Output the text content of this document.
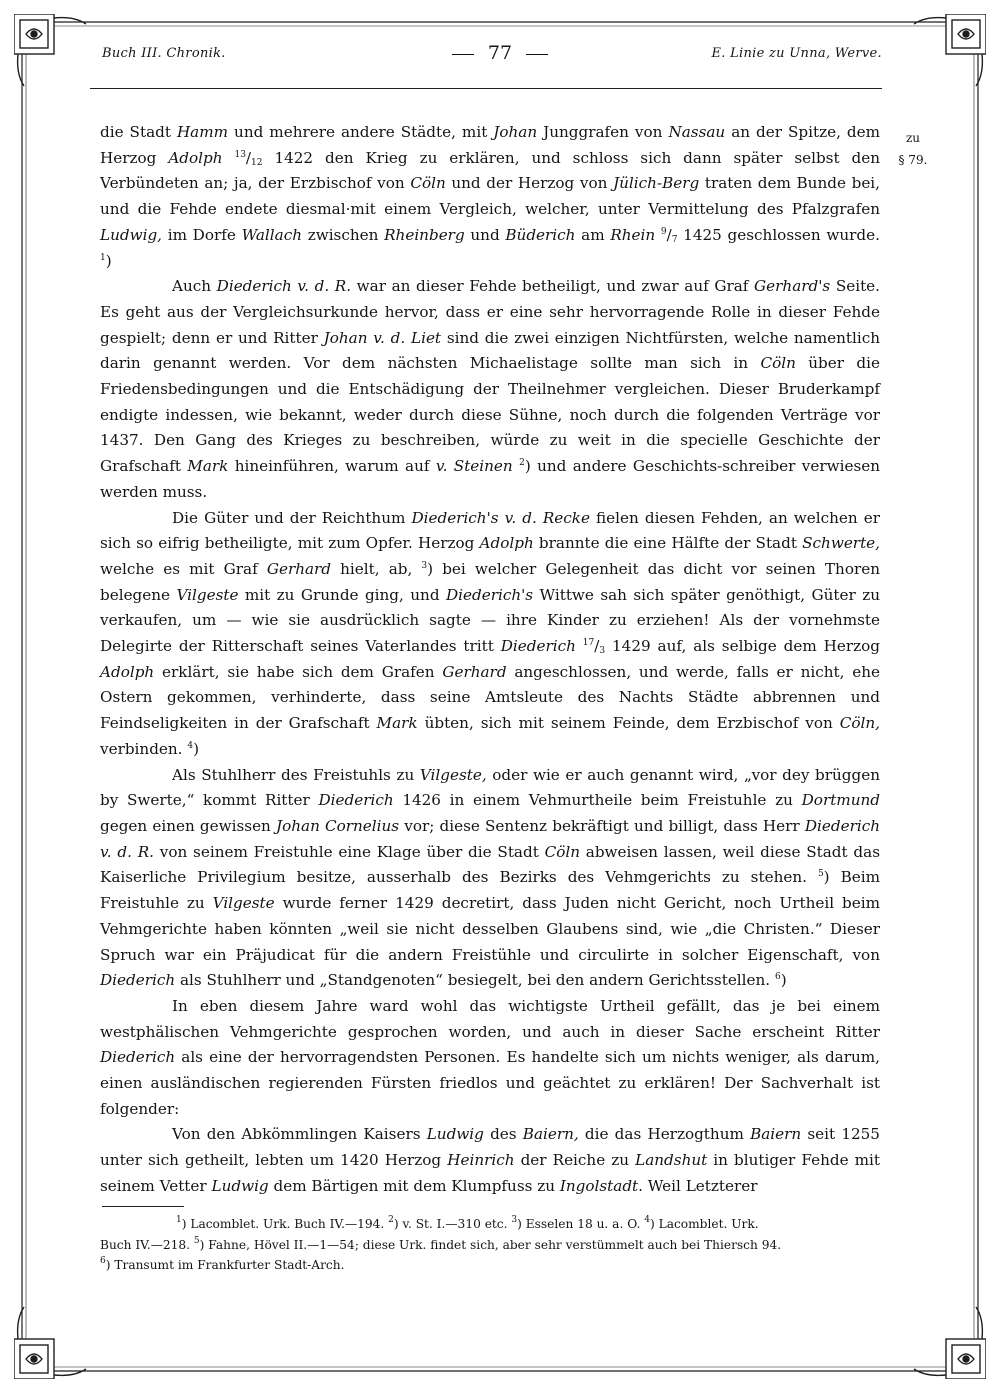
Buch III. Chronik.	77	E. Linie zu Unna, Werve.
zu
§ 79.

die Stadt Hamm und mehrere andere Städte, mit Johan Junggrafen von Nassau an der Spitze, dem Herzog Adolph $^{13}/_{12}$ 1422 den Krieg zu erklären, und schloss sich dann später selbst den Verbündeten an; ja, der Erzbischof von Cöln und der Herzog von Jülich-Berg traten dem Bunde bei, und die Fehde endete diesmal·mit einem Vergleich, welcher, unter Vermittelung des Pfalzgrafen Ludwig, im Dorfe Wallach zwischen Rheinberg und Büderich am Rhein $^9/_7$ 1425 geschlossen wurde. $^1$)

Auch Diederich v. d. R. war an dieser Fehde betheiligt, und zwar auf Graf Gerhard's Seite. Es geht aus der Vergleichsurkunde hervor, dass er eine sehr hervorragende Rolle in dieser Fehde gespielt; denn er und Ritter Johan v. d. Liet sind die zwei einzigen Nichtfürsten, welche namentlich darin genannt werden. Vor dem nächsten Michaelistage sollte man sich in Cöln über die Friedensbedingungen und die Entschädigung der Theilnehmer vergleichen. Dieser Bruderkampf endigte indessen, wie bekannt, weder durch diese Sühne, noch durch die folgenden Verträge vor 1437. Den Gang des Krieges zu beschreiben, würde zu weit in die specielle Geschichte der Grafschaft Mark hineinführen, warum auf v. Steinen $^2$) und andere Geschichts-schreiber verwiesen werden muss.

Die Güter und der Reichthum Diederich's v. d. Recke fielen diesen Fehden, an welchen er sich so eifrig betheiligte, mit zum Opfer. Herzog Adolph brannte die eine Hälfte der Stadt Schwerte, welche es mit Graf Gerhard hielt, ab, $^3$) bei welcher Gelegenheit das dicht vor seinen Thoren belegene Vilgeste mit zu Grunde ging, und Diederich's Wittwe sah sich später genöthigt, Güter zu verkaufen, um — wie sie ausdrücklich sagte — ihre Kinder zu erziehen! Als der vornehmste Delegirte der Ritterschaft seines Vaterlandes tritt Diederich $^{17}/_3$ 1429 auf, als selbige dem Herzog Adolph erklärt, sie habe sich dem Grafen Gerhard angeschlossen, und werde, falls er nicht, ehe Ostern gekommen, verhinderte, dass seine Amtsleute des Nachts Städte abbrennen und Feindseligkeiten in der Grafschaft Mark übten, sich mit seinem Feinde, dem Erzbischof von Cöln, verbinden. $^4$)

Als Stuhlherr des Freistuhls zu Vilgeste, oder wie er auch genannt wird, „vor dey brüggen by Swerte,“ kommt Ritter Diederich 1426 in einem Vehmurtheile beim Freistuhle zu Dortmund gegen einen gewissen Johan Cornelius vor; diese Sentenz bekräftigt und billigt, dass Herr Diederich v. d. R. von seinem Freistuhle eine Klage über die Stadt Cöln abweisen lassen, weil diese Stadt das Kaiserliche Privilegium besitze, ausserhalb des Bezirks des Vehmgerichts zu stehen. $^5$) Beim Freistuhle zu Vilgeste wurde ferner 1429 decretirt, dass Juden nicht Gericht, noch Urtheil beim Vehmgerichte haben könnten „weil sie nicht desselben Glaubens sind, wie „die Christen.“ Dieser Spruch war ein Präjudicat für die andern Freistühle und circulirte in solcher Eigenschaft, von Diederich als Stuhlherr und „Standgenoten“ besiegelt, bei den andern Gerichtsstellen. $^6$)

In eben diesem Jahre ward wohl das wichtigste Urtheil gefällt, das je bei einem westphälischen Vehmgerichte gesprochen worden, und auch in dieser Sache erscheint Ritter Diederich als eine der hervorragendsten Personen. Es handelte sich um nichts weniger, als darum, einen ausländischen regierenden Fürsten friedlos und geächtet zu erklären! Der Sachverhalt ist folgender:

Von den Abkömmlingen Kaisers Ludwig des Baiern, die das Herzogthum Baiern seit 1255 unter sich getheilt, lebten um 1420 Herzog Heinrich der Reiche zu Landshut in blutiger Fehde mit seinem Vetter Ludwig dem Bärtigen mit dem Klumpfuss zu Ingolstadt. Weil Letzterer

$^1$) Lacomblet. Urk. Buch IV.—194. $^2$) v. St. I.—310 etc. $^3$) Esselen 18 u. a. O. $^4$) Lacomblet. Urk.

Buch IV.—218. $^5$) Fahne, Hövel II.—1—54; diese Urk. findet sich, aber sehr verstümmelt auch bei Thiersch 94.

$^6$) Transumt im Frankfurter Stadt-Arch.
